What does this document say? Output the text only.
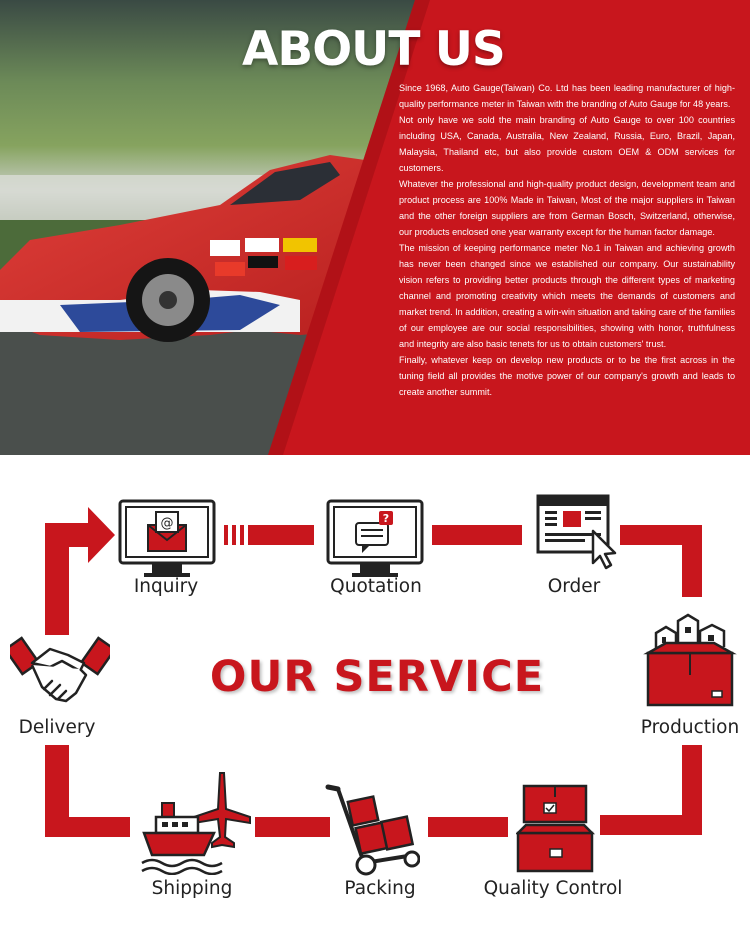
ABOUT US

Since 1968, Auto Gauge(Taiwan) Co. Ltd has been leading manufacturer of high-quality performance meter in Taiwan with the branding of Auto Gauge for 48 years.

Not only have we sold the main branding of Auto Gauge to over 100 countries including USA, Canada, Australia, New Zealand, Russia, Euro, Brazil, Japan, Malaysia, Thailand etc, but also provide custom OEM & ODM services for customers.

Whatever the professional and high-quality product design, development team and product process are 100% Made in Taiwan, Most of the major suppliers in Taiwan and the other foreign suppliers are from German Bosch, Switzerland, otherwise, our products enclosed one year warranty except for the human factor damage.

The mission of keeping performance meter No.1 in Taiwan and achieving growth has never been changed since we established our company. Our sustainability vision refers to providing better products through the different types of marketing channel and promoting creativity which meets the demands of customers and market trend. In addition, creating a win-win situation and taking care of the families of our employee are our social responsibilities, showing with honor, truthfulness and integrity are also basic tenets for us to obtain customers' trust.

Finally, whatever keep on develop new products or to be the first across in the tuning field all provides the motive power of our company's growth and leads to create another summit.

@	?
OUR SERVICE
Inquiry	Quotation	Order
Production
Delivery
Quality Control
Packing
Shipping
